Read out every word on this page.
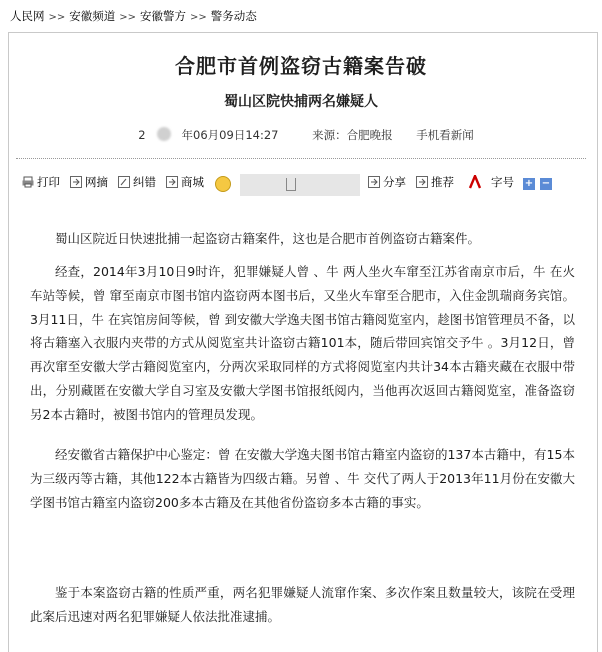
人民网 >> 安徽频道 >> 安徽警方 >> 警务动态
合肥市首例盗窃古籍案告破
蜀山区院快捕两名嫌疑人
2	年06月09日14:27	来源：合肥晚报 手机看新闻
打印 网摘 纠错 商城	分享 推荐	字号 + −

蜀山区院近日快速批捕一起盗窃古籍案件，这也是合肥市首例盗窃古籍案件。

经查，2014年3月10日9时许，犯罪嫌疑人曾 、牛 两人坐火车窜至江苏省南京市后，牛 在火车站等候，曾 窜至南京市图书馆内盗窃两本图书后，又坐火车窜至合肥市，入住金凯瑞商务宾馆。3月11日，牛 在宾馆房间等候，曾 到安徽大学逸夫图书馆古籍阅览室内，趁图书馆管理员不备，以将古籍塞入衣服内夹带的方式从阅览室共计盗窃古籍101本，随后带回宾馆交予牛 。3月12日，曾 再次窜至安徽大学古籍阅览室内，分两次采取同样的方式将阅览室内共计34本古籍夹藏在衣服中带出，分别藏匿在安徽大学自习室及安徽大学图书馆报纸阅内，当他再次返回古籍阅览室，准备盗窃另2本古籍时，被图书馆内的管理员发现。

经安徽省古籍保护中心鉴定：曾 在安徽大学逸夫图书馆古籍室内盗窃的137本古籍中，有15本为三级丙等古籍，其他122本古籍皆为四级古籍。另曾 、牛 交代了两人于2013年11月份在安徽大学图书馆古籍室内盗窃200多本古籍及在其他省份盗窃多本古籍的事实。

鉴于本案盗窃古籍的性质严重，两名犯罪嫌疑人流窜作案、多次作案且数量较大，该院在受理此案后迅速对两名犯罪嫌疑人依法批准逮捕。
